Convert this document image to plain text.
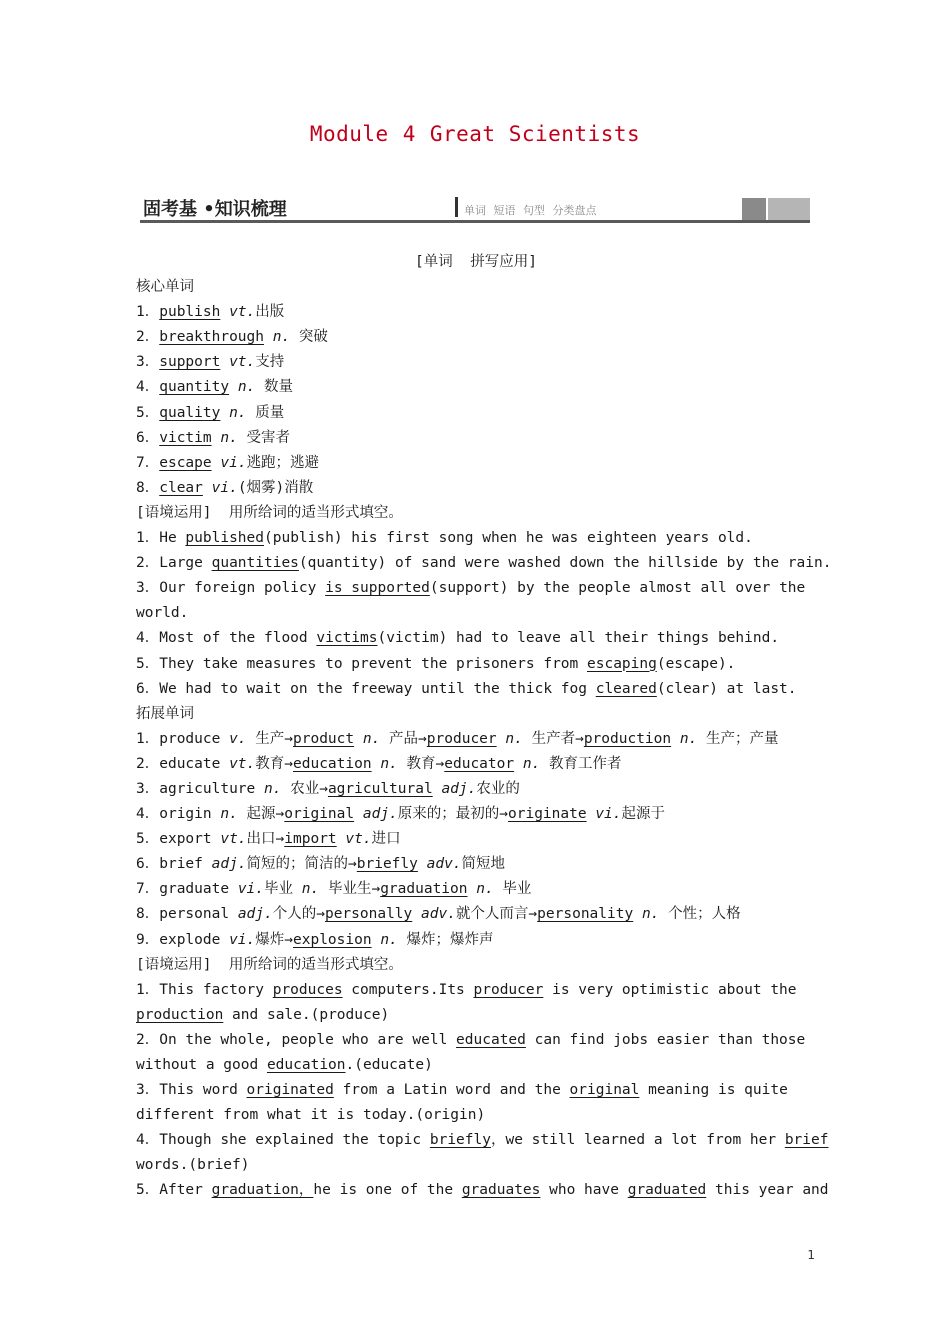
Module 4 Great Scientists
固考基 •知识梳理	单词 短语 句型 分类盘点
[单词  拼写应用]
核心单词
1．publish vt.出版
2．breakthrough n. 突破
3．support vt.支持
4．quantity n. 数量
5．quality n. 质量
6．victim n. 受害者
7．escape vi.逃跑；逃避
8．clear vi.(烟雾)消散
[语境运用]  用所给词的适当形式填空。
1．He published(publish) his first song when he was eighteen years old.
2．Large quantities(quantity) of sand were washed down the hillside by the rain.
3．Our foreign policy is supported(support) by the people almost all over the
world.
4．Most of the flood victims(victim) had to leave all their things behind.
5．They take measures to prevent the prisoners from escaping(escape).
6．We had to wait on the freeway until the thick fog cleared(clear) at last.
拓展单词
1．produce v. 生产→product n. 产品→producer n. 生产者→production n. 生产；产量
2．educate vt.教育→education n. 教育→educator n. 教育工作者
3．agriculture n. 农业→agricultural adj.农业的
4．origin n. 起源→original adj.原来的；最初的→originate vi.起源于
5．export vt.出口→import vt.进口
6．brief adj.简短的；简洁的→briefly adv.简短地
7．graduate vi.毕业 n. 毕业生→graduation n. 毕业
8．personal adj.个人的→personally adv.就个人而言→personality n. 个性；人格
9．explode vi.爆炸→explosion n. 爆炸；爆炸声
[语境运用]  用所给词的适当形式填空。
1．This factory produces computers.Its producer is very optimistic about the
production and sale.(produce)
2．On the whole, people who are well educated can find jobs easier than those
without a good education.(educate)
3．This word originated from a Latin word and the original meaning is quite
different from what it is today.(origin)
4．Though she explained the topic briefly，we still learned a lot from her brief
words.(brief)
5．After graduation，he is one of the graduates who have graduated this year and
1
